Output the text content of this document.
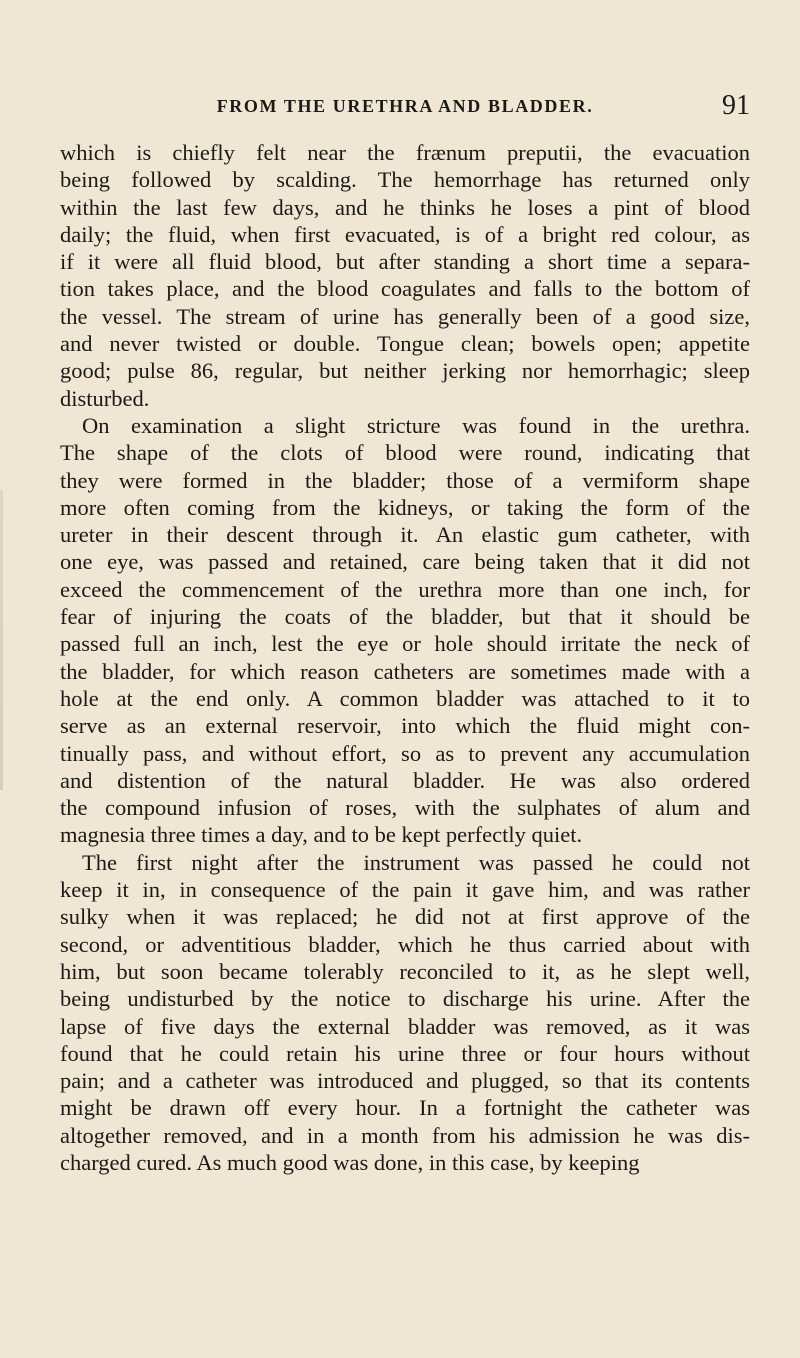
FROM THE URETHRA AND BLADDER.	91
which is chiefly felt near the frænum preputii, the evacuation
being followed by scalding. The hemorrhage has returned only
within the last few days, and he thinks he loses a pint of blood
daily; the fluid, when first evacuated, is of a bright red colour, as
if it were all fluid blood, but after standing a short time a separa-
tion takes place, and the blood coagulates and falls to the bottom of
the vessel. The stream of urine has generally been of a good size,
and never twisted or double. Tongue clean; bowels open; appetite
good; pulse 86, regular, but neither jerking nor hemorrhagic; sleep
disturbed.
On examination a slight stricture was found in the urethra.
The shape of the clots of blood were round, indicating that
they were formed in the bladder; those of a vermiform shape
more often coming from the kidneys, or taking the form of the
ureter in their descent through it. An elastic gum catheter, with
one eye, was passed and retained, care being taken that it did not
exceed the commencement of the urethra more than one inch, for
fear of injuring the coats of the bladder, but that it should be
passed full an inch, lest the eye or hole should irritate the neck of
the bladder, for which reason catheters are sometimes made with a
hole at the end only. A common bladder was attached to it to
serve as an external reservoir, into which the fluid might con-
tinually pass, and without effort, so as to prevent any accumulation
and distention of the natural bladder. He was also ordered
the compound infusion of roses, with the sulphates of alum and
magnesia three times a day, and to be kept perfectly quiet.
The first night after the instrument was passed he could not
keep it in, in consequence of the pain it gave him, and was rather
sulky when it was replaced; he did not at first approve of the
second, or adventitious bladder, which he thus carried about with
him, but soon became tolerably reconciled to it, as he slept well,
being undisturbed by the notice to discharge his urine. After the
lapse of five days the external bladder was removed, as it was
found that he could retain his urine three or four hours without
pain; and a catheter was introduced and plugged, so that its contents
might be drawn off every hour. In a fortnight the catheter was
altogether removed, and in a month from his admission he was dis-
charged cured. As much good was done, in this case, by keeping
